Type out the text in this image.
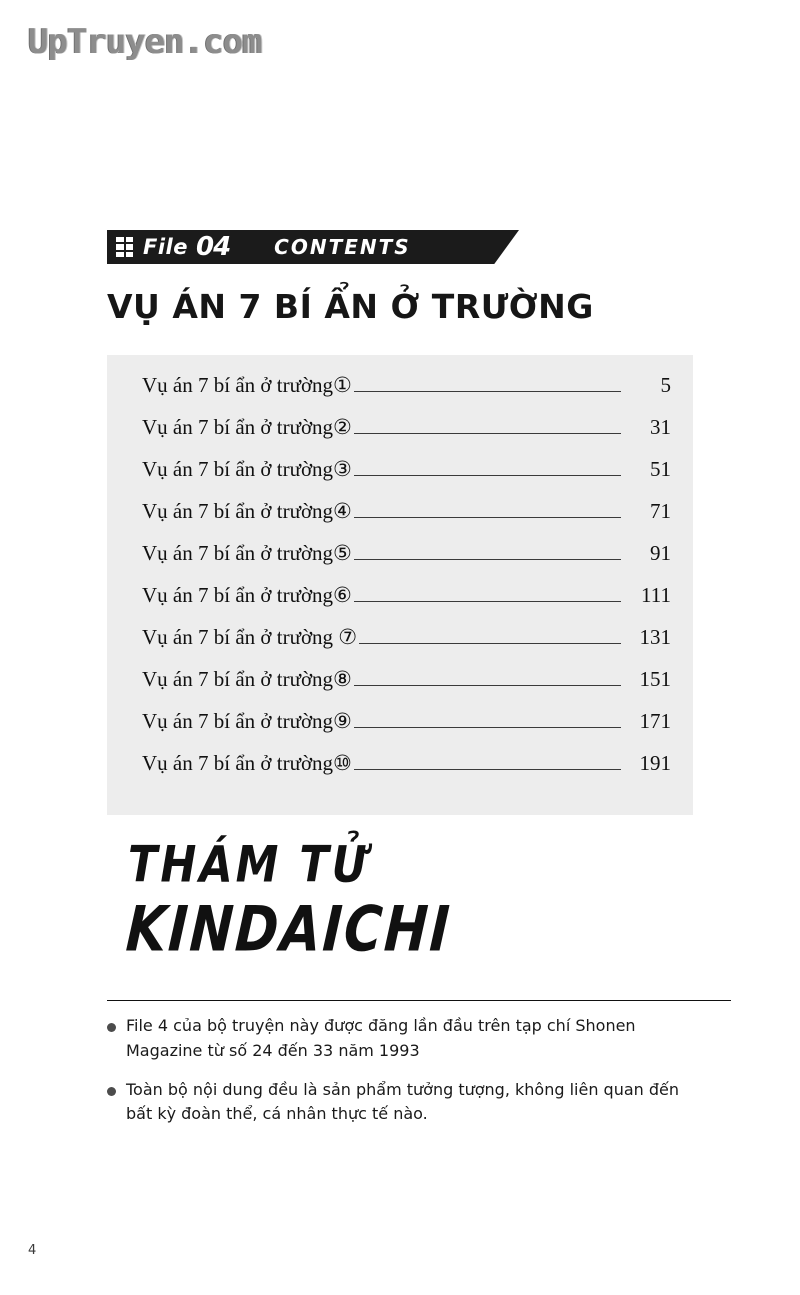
UpTruyen.com
File 04 CONTENTS
VỤ ÁN 7 BÍ ẨN Ở TRƯỜNG
Vụ án 7 bí ẩn ở trường①	5
Vụ án 7 bí ẩn ở trường②	31
Vụ án 7 bí ẩn ở trường③	51
Vụ án 7 bí ẩn ở trường④	71
Vụ án 7 bí ẩn ở trường⑤	91
Vụ án 7 bí ẩn ở trường⑥	111
Vụ án 7 bí ẩn ở trường ⑦	131
Vụ án 7 bí ẩn ở trường⑧	151
Vụ án 7 bí ẩn ở trường⑨	171
Vụ án 7 bí ẩn ở trường⑩	191
THÁM TỬ
KINDAICHI
File 4 của bộ truyện này được đăng lần đầu trên tạp chí Shonen Magazine từ số 24 đến 33 năm 1993
Toàn bộ nội dung đều là sản phẩm tưởng tượng, không liên quan đến bất kỳ đoàn thể, cá nhân thực tế nào.
4
